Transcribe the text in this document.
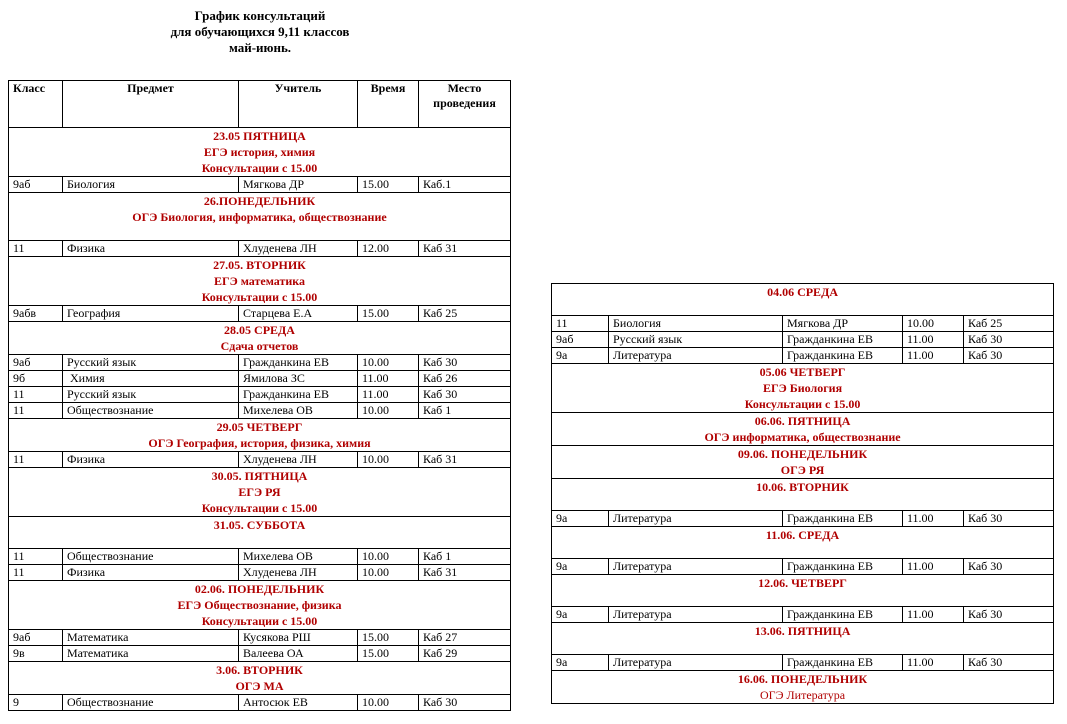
График консультаций
для обучающихся 9,11 классов
май-июнь.
Класс	Предмет	Учитель	Время	Место проведения

23.05 ПЯТНИЦА
ЕГЭ история, химия
Консультации с 15.00				

9аб	Биология	Мягкова ДР	15.00	Каб.1

26.ПОНЕДЕЛЬНИК
ОГЭ Биология, информатика, обществознание				

11	Физика	Хлуденева ЛН	12.00	Каб 31

27.05. ВТОРНИК
ЕГЭ математика
Консультации с 15.00				

9абв	География	Старцева Е.А	15.00	Каб 25

28.05 СРЕДА
Сдача отчетов				

9аб	Русский язык	Гражданкина ЕВ	10.00	Каб 30
9б	Химия	Ямилова ЗС	11.00	Каб 26
11	Русский язык	Гражданкина ЕВ	11.00	Каб 30
11	Обществознание	Михелева ОВ	10.00	Каб 1

29.05 ЧЕТВЕРГ
ОГЭ География, история, физика, химия				

11	Физика	Хлуденева ЛН	10.00	Каб 31

30.05. ПЯТНИЦА
ЕГЭ РЯ
Консультации с 15.00				

31.05. СУББОТА				

11	Обществознание	Михелева ОВ	10.00	Каб 1
11	Физика	Хлуденева ЛН	10.00	Каб 31

02.06. ПОНЕДЕЛЬНИК
ЕГЭ Обществознание, физика
Консультации с 15.00				

9аб	Математика	Кусякова РШ	15.00	Каб 27
9в	Математика	Валеева ОА	15.00	Каб 29

3.06. ВТОРНИК
ОГЭ МА				

9	Обществознание	Антосюк ЕВ	10.00	Каб 30
04.06 СРЕДА				

11	Биология	Мягкова ДР	10.00	Каб 25
9аб	Русский язык	Гражданкина ЕВ	11.00	Каб 30
9а	Литература	Гражданкина ЕВ	11.00	Каб 30

05.06 ЧЕТВЕРГ
ЕГЭ Биология
Консультации с 15.00				

06.06. ПЯТНИЦА
ОГЭ информатика, обществознание				

09.06. ПОНЕДЕЛЬНИК
ОГЭ РЯ				

10.06. ВТОРНИК				

9а	Литература	Гражданкина ЕВ	11.00	Каб 30

11.06. СРЕДА				

9а	Литература	Гражданкина ЕВ	11.00	Каб 30

12.06. ЧЕТВЕРГ				

9а	Литература	Гражданкина ЕВ	11.00	Каб 30

13.06. ПЯТНИЦА				

9а	Литература	Гражданкина ЕВ	11.00	Каб 30

16.06. ПОНЕДЕЛЬНИК
ОГЭ Литература				
